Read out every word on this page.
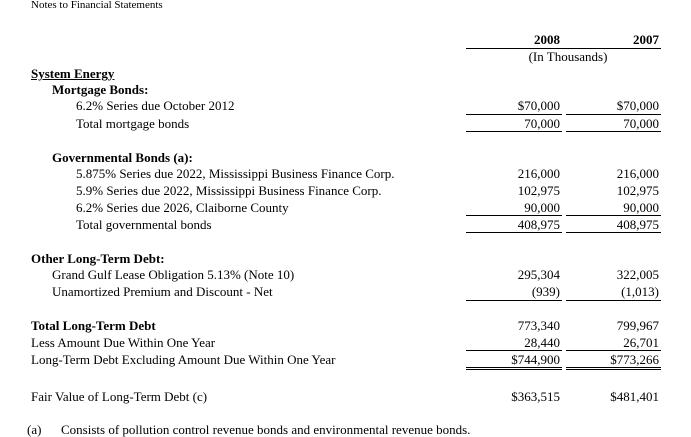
Notes to Financial Statements
2008	2007
(In Thousands)
System Energy
Mortgage Bonds:
6.2% Series due October 2012	$70,000	$70,000
Total mortgage bonds	70,000	70,000
Governmental Bonds (a):
5.875% Series due 2022, Mississippi Business Finance Corp.	216,000	216,000
5.9% Series due 2022, Mississippi Business Finance Corp.	102,975	102,975
6.2% Series due 2026, Claiborne County	90,000	90,000
Total governmental bonds	408,975	408,975
Other Long-Term Debt:
Grand Gulf Lease Obligation 5.13% (Note 10)	295,304	322,005
Unamortized Premium and Discount - Net	(939)	(1,013)
Total Long-Term Debt	773,340	799,967
Less Amount Due Within One Year	28,440	26,701
Long-Term Debt Excluding Amount Due Within One Year	$744,900	$773,266
Fair Value of Long-Term Debt (c)	$363,515	$481,401
(a) Consists of pollution control revenue bonds and environmental revenue bonds.
